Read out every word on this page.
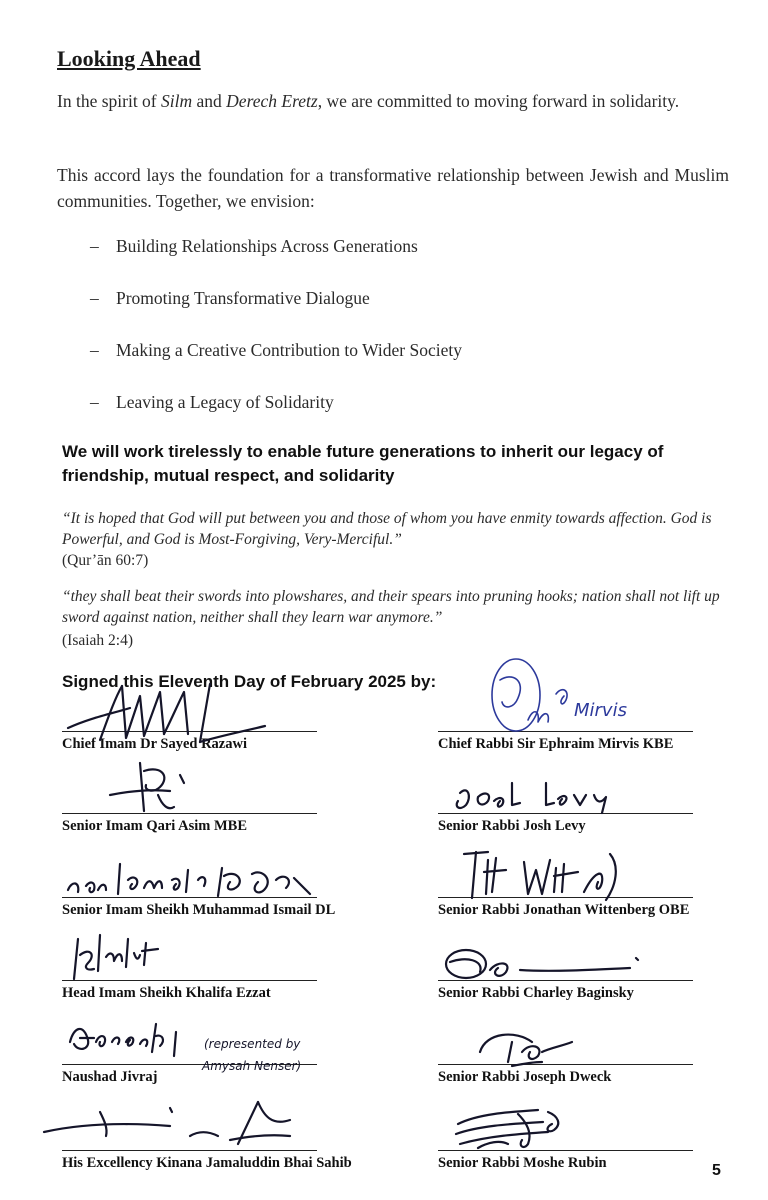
Looking Ahead
In the spirit of Silm and Derech Eretz, we are committed to moving forward in solidarity.
This accord lays the foundation for a transformative relationship between Jewish and Muslim communities. Together, we envision:
– Building Relationships Across Generations
– Promoting Transformative Dialogue
– Making a Creative Contribution to Wider Society
– Leaving a Legacy of Solidarity
We will work tirelessly to enable future generations to inherit our legacy of friendship, mutual respect, and solidarity
“It is hoped that God will put between you and those of whom you have enmity towards affection. God is Powerful, and God is Most-Forgiving, Very-Merciful.”
(Qur’ān 60:7)
“they shall beat their swords into plowshares, and their spears into pruning hooks; nation shall not lift up sword against nation, neither shall they learn war anymore.”
(Isaiah 2:4)
Signed this Eleventh Day of February 2025 by:
Chief Imam Dr Sayed Razawi
Senior Imam Qari Asim MBE
Senior Imam Sheikh Muhammad Ismail DL
Head Imam Sheikh Khalifa Ezzat
Naushad Jivraj
His Excellency Kinana Jamaluddin Bhai Sahib
Chief Rabbi Sir Ephraim Mirvis KBE
Senior Rabbi Josh Levy
Senior Rabbi Jonathan Wittenberg OBE
Senior Rabbi Charley Baginsky
Senior Rabbi Joseph Dweck
Senior Rabbi Moshe Rubin
Mirvis
(represented by
Amysah Nenser)
5
